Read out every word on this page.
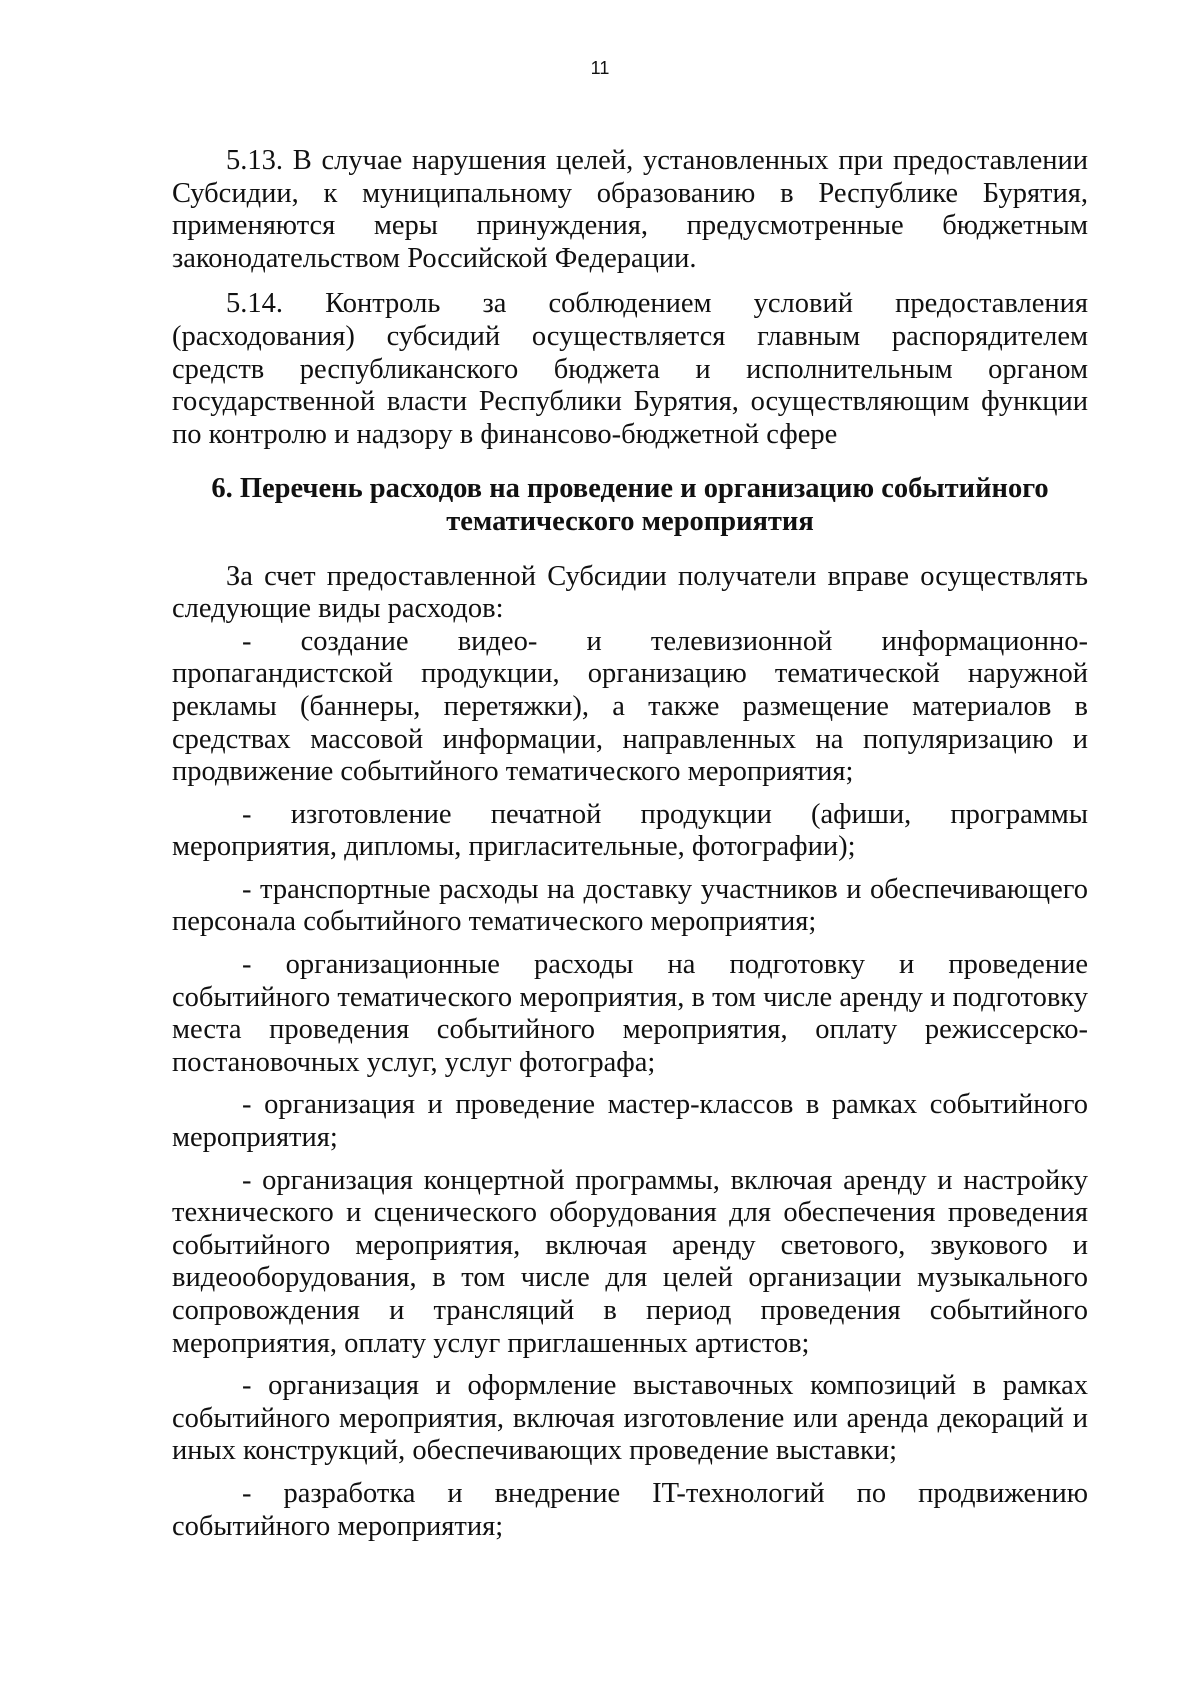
11

5.13. В случае нарушения целей, установленных при предоставлении Субсидии, к муниципальному образованию в Республике Бурятия, применяются меры принуждения, предусмотренные бюджетным законодательством Российской Федерации.

5.14. Контроль за соблюдением условий предоставления (расходования) субсидий осуществляется главным распорядителем средств республиканского бюджета и исполнительным органом государственной власти Республики Бурятия, осуществляющим функции по контролю и надзору в финансово-бюджетной сфере

6. Перечень расходов на проведение и организацию событийного тематического мероприятия

За счет предоставленной Субсидии получатели вправе осуществлять следующие виды расходов:

- создание видео- и телевизионной информационно-пропагандистской продукции, организацию тематической наружной рекламы (баннеры, перетяжки), а также размещение материалов в средствах массовой информации, направленных на популяризацию и продвижение событийного тематического мероприятия;

- изготовление печатной продукции (афиши, программы мероприятия, дипломы, пригласительные, фотографии);

- транспортные расходы на доставку участников и обеспечивающего персонала событийного тематического мероприятия;

- организационные расходы на подготовку и проведение событийного тематического мероприятия, в том числе аренду и подготовку места проведения событийного мероприятия, оплату режиссерско-постановочных услуг, услуг фотографа;

- организация и проведение мастер-классов в рамках событийного мероприятия;

- организация концертной программы, включая аренду и настройку технического и сценического оборудования для обеспечения проведения событийного мероприятия, включая аренду светового, звукового и видеооборудования, в том числе для целей организации музыкального сопровождения и трансляций в период проведения событийного мероприятия, оплату услуг приглашенных артистов;

- организация и оформление выставочных композиций в рамках событийного мероприятия, включая изготовление или аренда декораций и иных конструкций, обеспечивающих проведение выставки;

- разработка и внедрение IT-технологий по продвижению событийного мероприятия;
